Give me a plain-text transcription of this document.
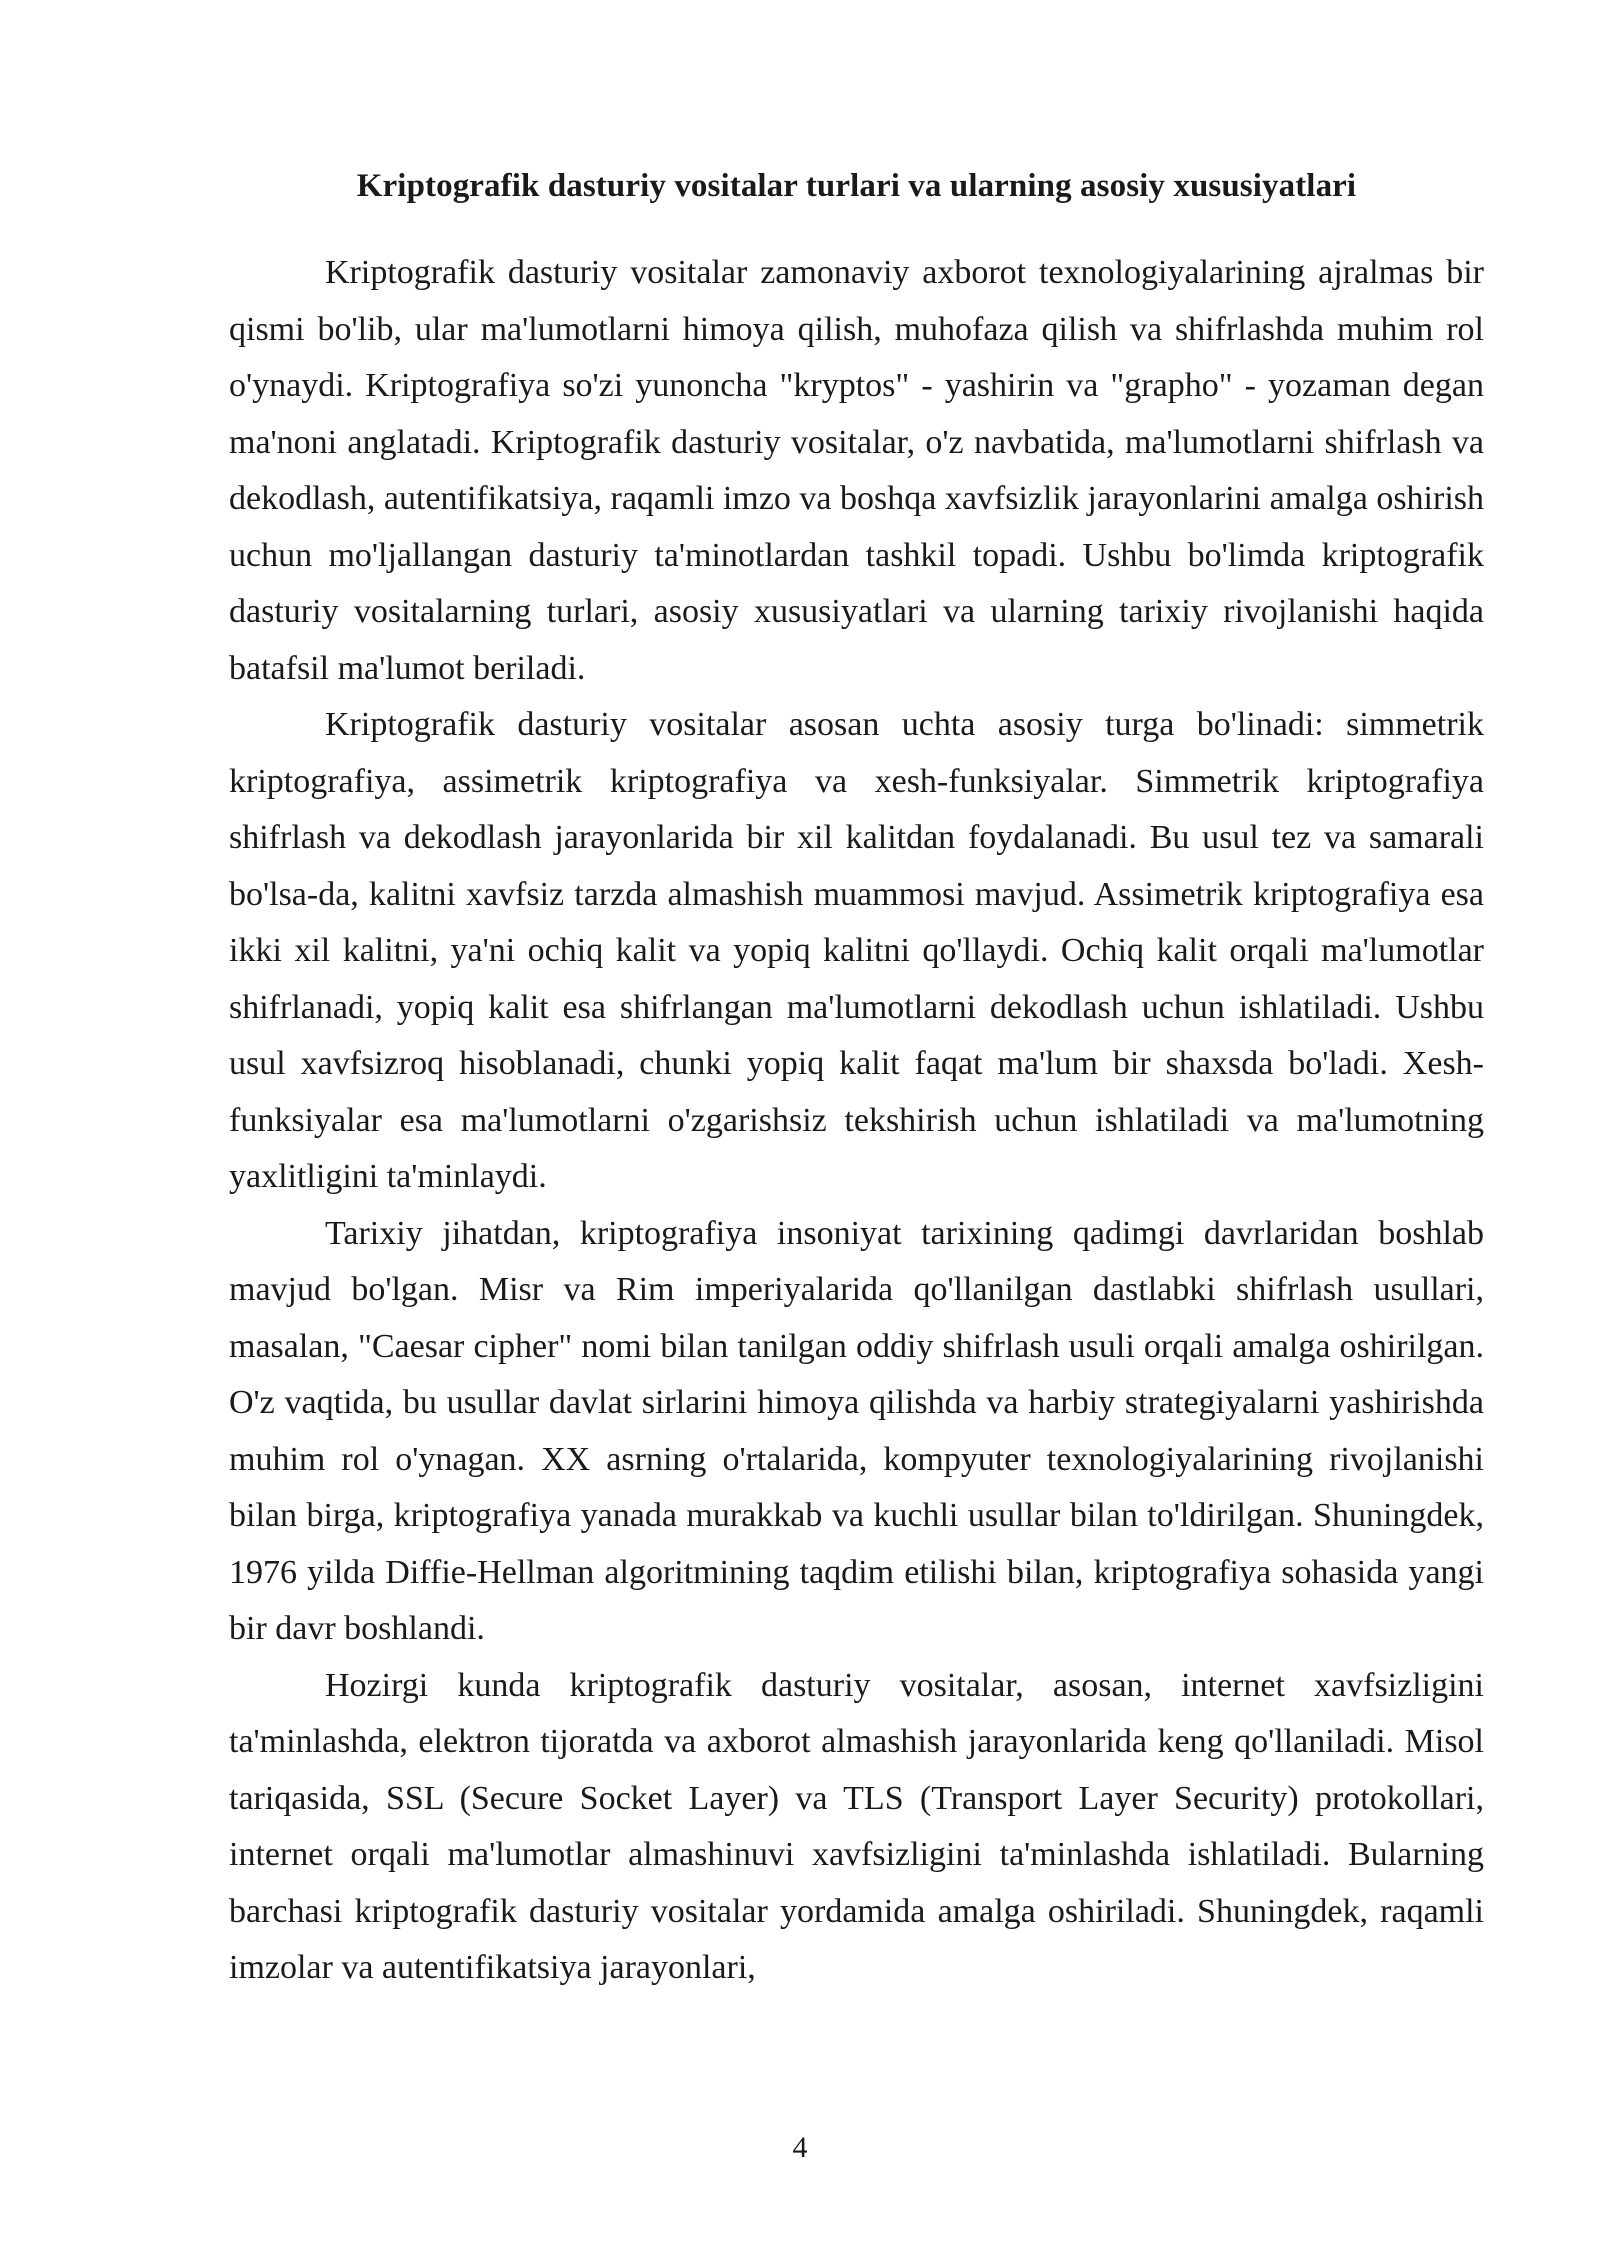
Kriptografik dasturiy vositalar turlari va ularning asosiy xususiyatlari

Kriptografik dasturiy vositalar zamonaviy axborot texnologiyalarining ajralmas bir qismi bo'lib, ular ma'lumotlarni himoya qilish, muhofaza qilish va shifrlashda muhim rol o'ynaydi. Kriptografiya so'zi yunoncha "kryptos" - yashirin va "grapho" - yozaman degan ma'noni anglatadi. Kriptografik dasturiy vositalar, o'z navbatida, ma'lumotlarni shifrlash va dekodlash, autentifikatsiya, raqamli imzo va boshqa xavfsizlik jarayonlarini amalga oshirish uchun mo'ljallangan dasturiy ta'minotlardan tashkil topadi. Ushbu bo'limda kriptografik dasturiy vositalarning turlari, asosiy xususiyatlari va ularning tarixiy rivojlanishi haqida batafsil ma'lumot beriladi.

Kriptografik dasturiy vositalar asosan uchta asosiy turga bo'linadi: simmetrik kriptografiya, assimetrik kriptografiya va xesh-funksiyalar. Simmetrik kriptografiya shifrlash va dekodlash jarayonlarida bir xil kalitdan foydalanadi. Bu usul tez va samarali bo'lsa-da, kalitni xavfsiz tarzda almashish muammosi mavjud. Assimetrik kriptografiya esa ikki xil kalitni, ya'ni ochiq kalit va yopiq kalitni qo'llaydi. Ochiq kalit orqali ma'lumotlar shifrlanadi, yopiq kalit esa shifrlangan ma'lumotlarni dekodlash uchun ishlatiladi. Ushbu usul xavfsizroq hisoblanadi, chunki yopiq kalit faqat ma'lum bir shaxsda bo'ladi. Xesh-funksiyalar esa ma'lumotlarni o'zgarishsiz tekshirish uchun ishlatiladi va ma'lumotning yaxlitligini ta'minlaydi.

Tarixiy jihatdan, kriptografiya insoniyat tarixining qadimgi davrlaridan boshlab mavjud bo'lgan. Misr va Rim imperiyalarida qo'llanilgan dastlabki shifrlash usullari, masalan, "Caesar cipher" nomi bilan tanilgan oddiy shifrlash usuli orqali amalga oshirilgan. O'z vaqtida, bu usullar davlat sirlarini himoya qilishda va harbiy strategiyalarni yashirishda muhim rol o'ynagan. XX asrning o'rtalarida, kompyuter texnologiyalarining rivojlanishi bilan birga, kriptografiya yanada murakkab va kuchli usullar bilan to'ldirilgan. Shuningdek, 1976 yilda Diffie-Hellman algoritmining taqdim etilishi bilan, kriptografiya sohasida yangi bir davr boshlandi.

Hozirgi kunda kriptografik dasturiy vositalar, asosan, internet xavfsizligini ta'minlashda, elektron tijoratda va axborot almashish jarayonlarida keng qo'llaniladi. Misol tariqasida, SSL (Secure Socket Layer) va TLS (Transport Layer Security) protokollari, internet orqali ma'lumotlar almashinuvi xavfsizligini ta'minlashda ishlatiladi. Bularning barchasi kriptografik dasturiy vositalar yordamida amalga oshiriladi. Shuningdek, raqamli imzolar va autentifikatsiya jarayonlari,

4
